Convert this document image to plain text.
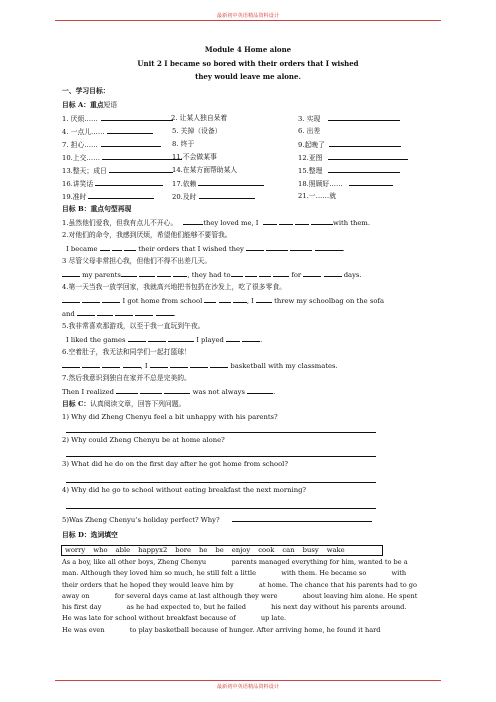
最新初中英语精品资料设计
Module 4 Home alone
Unit 2 I became so bored with their orders that I wished
they would leave me alone.
一、学习目标：
目标 A：重点短语
1. 厌烦……	2. 让某人独自呆着	3. 实现
4. 一点儿……	5. 关掉（设备）	6. 出差
7. 担心……	8. 终于	9.起晚了
10.上交……	11.不会做某事	12.亚图
13.整天；成日	14.在某方面帮助某人	15.整理
16.讲笑话	17.依赖	18.照顾好……
19.准时	20.及时	21.一……就
目标 B：重点句型再现
1.虽然他们爱我，但我有点儿不开心。	they loved me, I	with them.
2.对他们的命令，我感到厌烦，希望他们能够不要管我。
I became	their orders that I wished they	.
3 尽管父母非常担心我，但他们不得不出差几天。
my parents	, they had to	for	days.
4.第一天当我一放学回家，我就高兴地把书包扔在沙发上，吃了很多零食。
I got home from school	, I	threw my schoolbag on the sofa
and	.
5.我非常喜欢那游戏，以至于我一直玩到午夜。
I liked the games	I played	.
6.空着肚子，我无法和同学们一起打篮球！
, I	basketball with my classmates.
7.然后我意识到独自在家并不总是完美的。
Then I realized	was not always	.
目标 C：认真阅读文章，回答下列问题。
1) Why did Zheng Chenyu feel a bit unhappy with his parents?
2) Why could Zheng Chenyu be at home alone?
3) What did he do on the first day after he got home from school?
4) Why did he go to school without eating breakfast the next morning?
5)Was Zheng Chenyu’s holiday perfect? Why?
目标 D：选词填空
worry who able happyx2 bore he be enjoy cook can busy wake
As a boy, like all other boys, Zheng Chenyu            parents managed everything for him, wanted to be a
man. Although they loved him so much, he still felt a little            with them. He became so            with
their orders that he hoped they would leave him by            at home. The chance that his parents had to go
away on            for several days came at last although they were            about leaving him alone. He spent
his first day            as he had expected to, but he failed            his next day without his parents around.
He was late for school without breakfast because of            up late.
He was even            to play basketball because of hunger. After arriving home, he found it hard
最新初中英语精品资料设计
